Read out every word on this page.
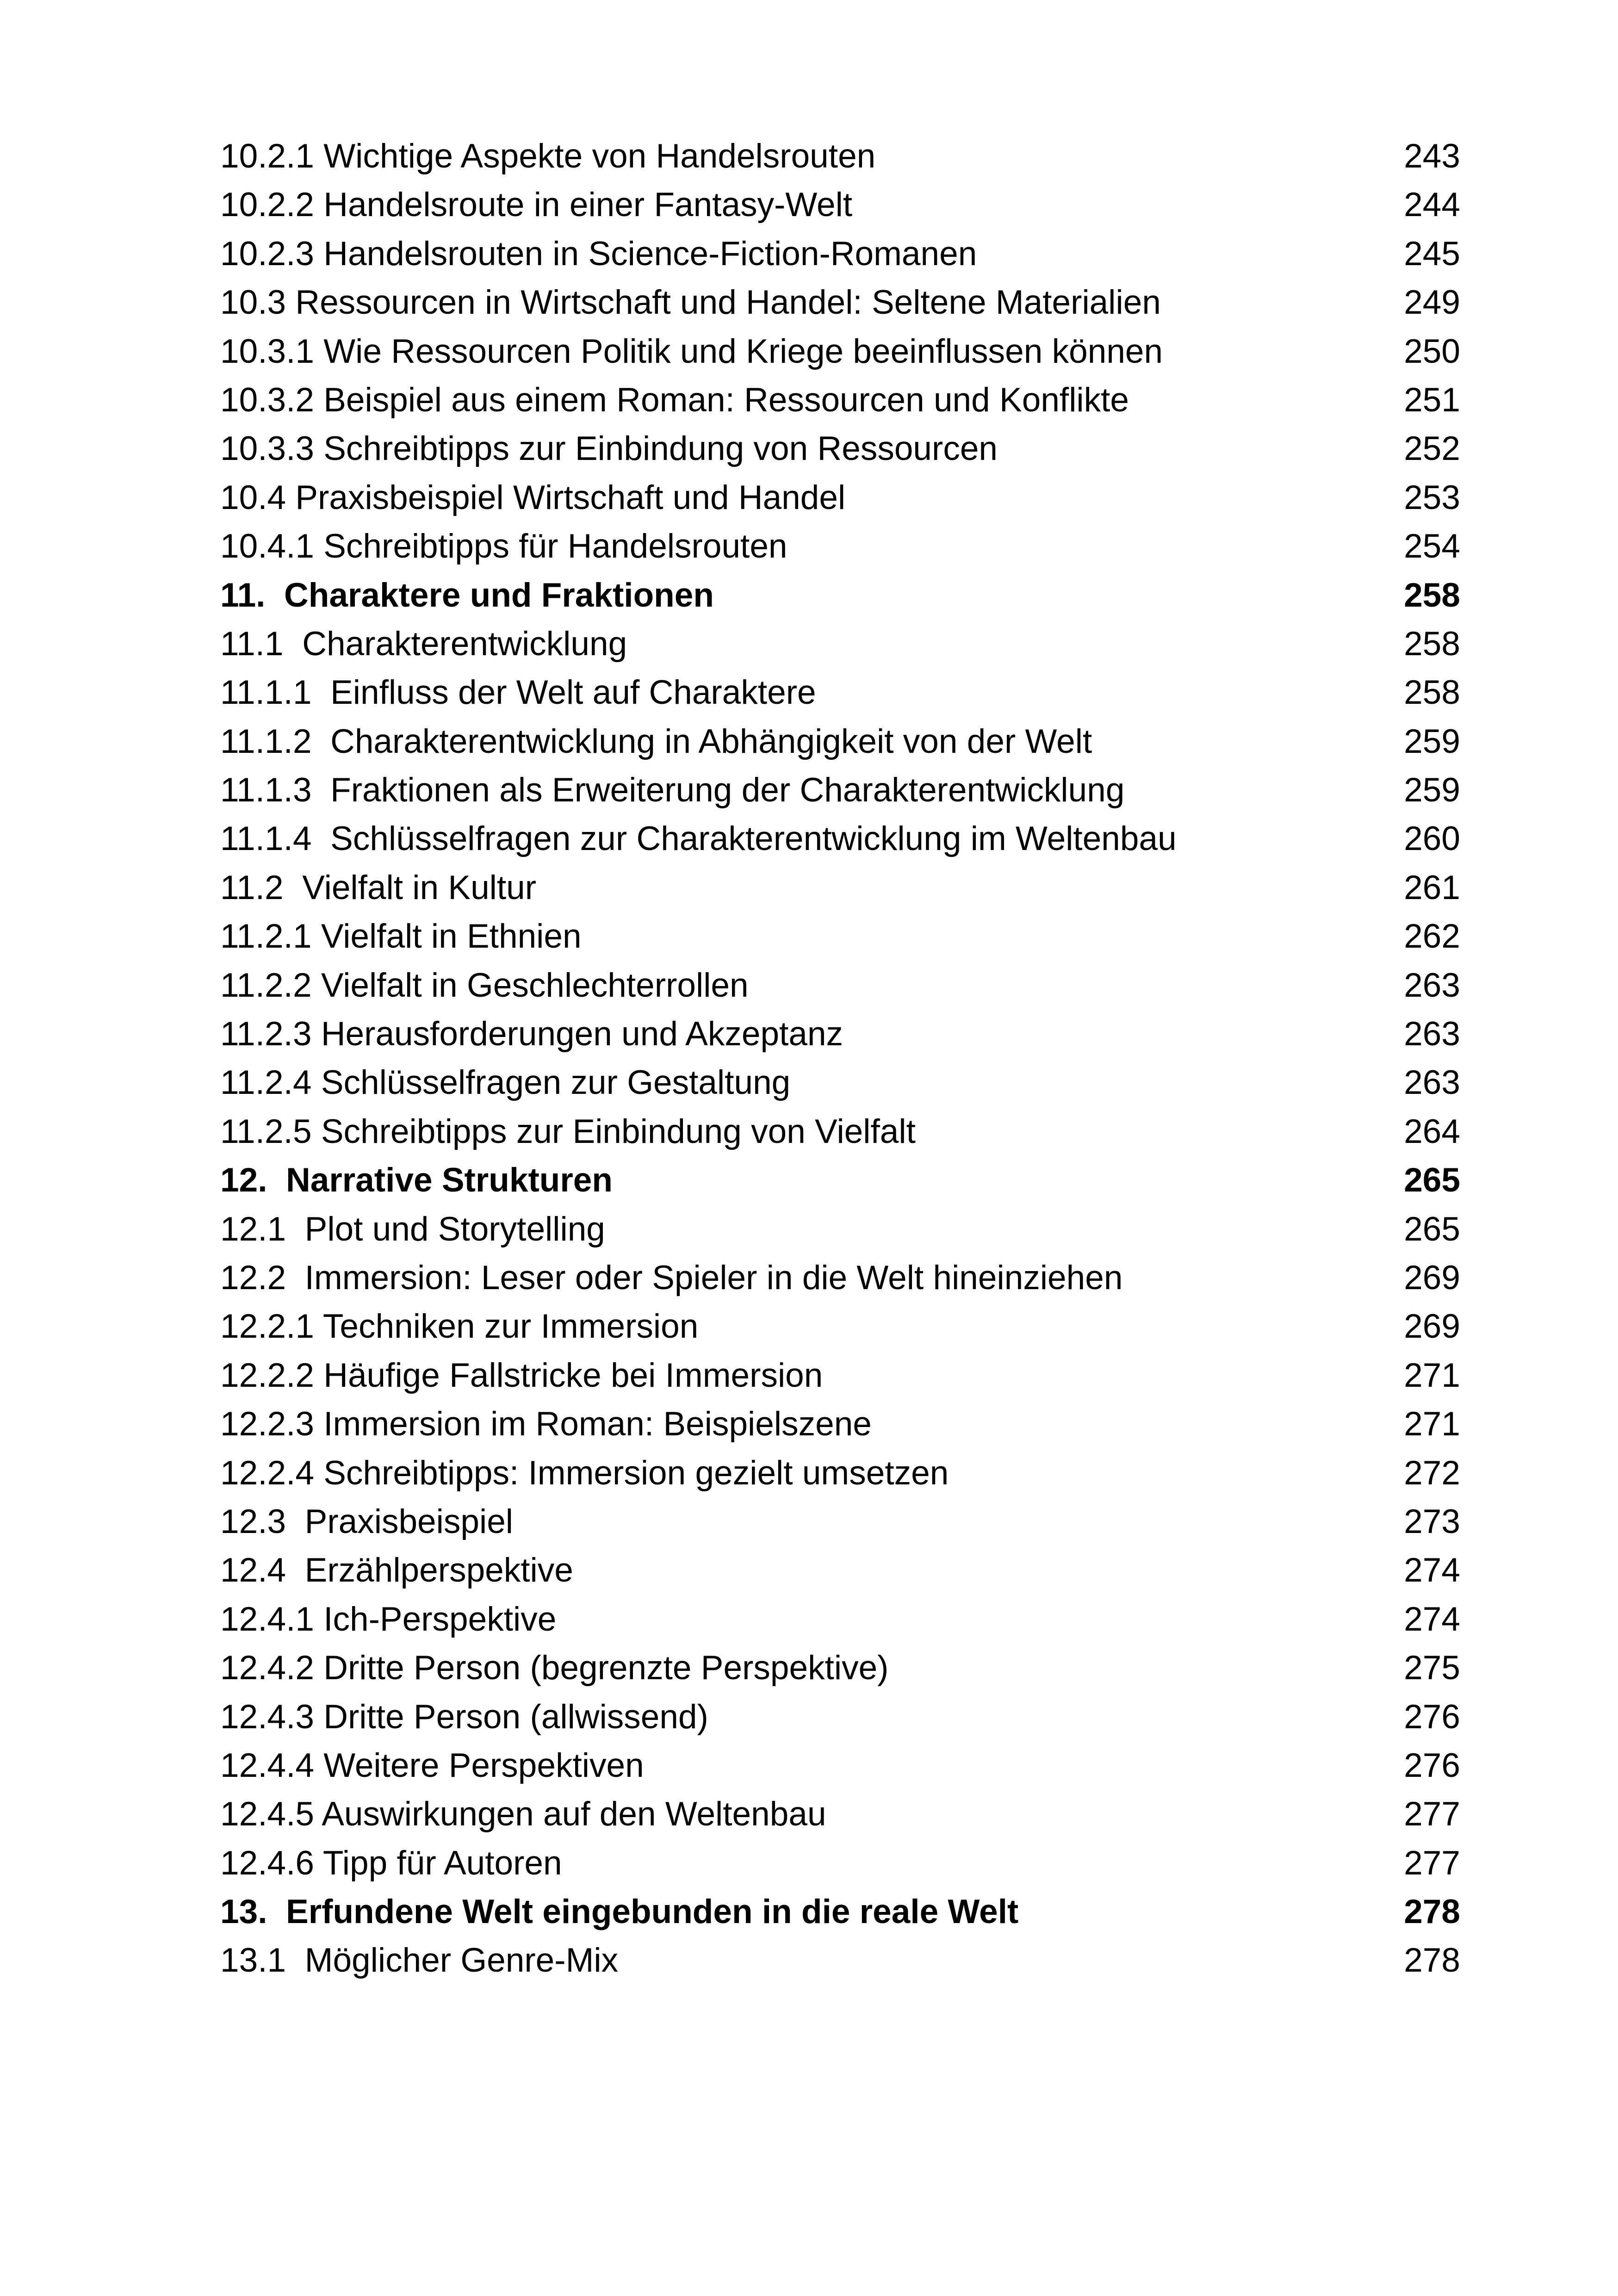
10.2.1 Wichtige Aspekte von Handelsrouten	243
10.2.2 Handelsroute in einer Fantasy-Welt	244
10.2.3 Handelsrouten in Science-Fiction-Romanen	245
10.3 Ressourcen in Wirtschaft und Handel: Seltene Materialien	249
10.3.1 Wie Ressourcen Politik und Kriege beeinflussen können	250
10.3.2 Beispiel aus einem Roman: Ressourcen und Konflikte	251
10.3.3 Schreibtipps zur Einbindung von Ressourcen	252
10.4 Praxisbeispiel Wirtschaft und Handel	253
10.4.1 Schreibtipps für Handelsrouten	254
11.  Charaktere und Fraktionen	258
11.1  Charakterentwicklung	258
11.1.1  Einfluss der Welt auf Charaktere	258
11.1.2  Charakterentwicklung in Abhängigkeit von der Welt	259
11.1.3  Fraktionen als Erweiterung der Charakterentwicklung	259
11.1.4  Schlüsselfragen zur Charakterentwicklung im Weltenbau	260
11.2  Vielfalt in Kultur	261
11.2.1 Vielfalt in Ethnien	262
11.2.2 Vielfalt in Geschlechterrollen	263
11.2.3 Herausforderungen und Akzeptanz	263
11.2.4 Schlüsselfragen zur Gestaltung	263
11.2.5 Schreibtipps zur Einbindung von Vielfalt	264
12.  Narrative Strukturen	265
12.1  Plot und Storytelling	265
12.2  Immersion: Leser oder Spieler in die Welt hineinziehen	269
12.2.1 Techniken zur Immersion	269
12.2.2 Häufige Fallstricke bei Immersion	271
12.2.3 Immersion im Roman: Beispielszene	271
12.2.4 Schreibtipps: Immersion gezielt umsetzen	272
12.3  Praxisbeispiel	273
12.4  Erzählperspektive	274
12.4.1 Ich-Perspektive	274
12.4.2 Dritte Person (begrenzte Perspektive)	275
12.4.3 Dritte Person (allwissend)	276
12.4.4 Weitere Perspektiven	276
12.4.5 Auswirkungen auf den Weltenbau	277
12.4.6 Tipp für Autoren	277
13.  Erfundene Welt eingebunden in die reale Welt	278
13.1  Möglicher Genre-Mix	278
